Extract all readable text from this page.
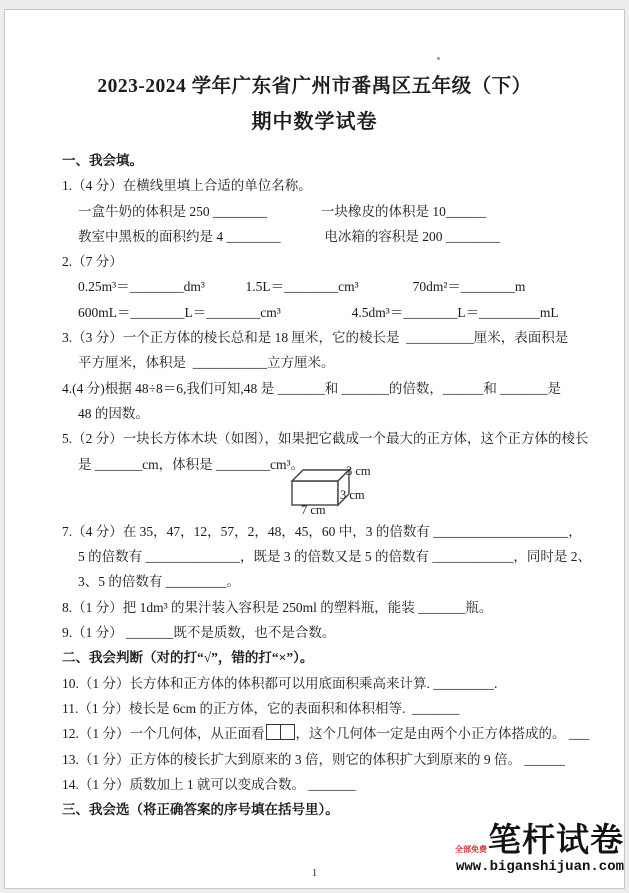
2023-2024 学年广东省广州市番禺区五年级（下）
期中数学试卷

一、我会填。

1.（4 分）在横线里填上合适的单位名称。

一盒牛奶的体积是 250 ________　　　　一块橡皮的体积是 10______

教室中黑板的面积约是 4 ________　　　 电冰箱的容积是 200 ________

2.（7 分）

0.25m³＝________dm³　　　1.5L＝________cm³　　　　70dm²＝________m

600mL＝________L＝________cm³　　　　　 4.5dm³＝________L＝_________mL

3.（3 分）一个正方体的棱长总和是 18 厘米，它的棱长是  __________厘米，表面积是

平方厘米，体积是  ___________立方厘米。

4.(4 分)根据 48÷8＝6,我们可知,48 是 _______和 _______的倍数，______和 _______是

48 的因数。

5.（2 分）一块长方体木块（如图），如果把它截成一个最大的正方体，这个正方体的棱长

是 _______cm，体积是 ________cm³。	3 cm
3 cm
7 cm

7.（4 分）在 35，47，12，57，2，48，45，60 中，3 的倍数有 ____________________，

5 的倍数有 ______________，既是 3 的倍数又是 5 的倍数有 ____________，同时是 2、

3、5 的倍数有 _________。

8.（1 分）把 1dm³ 的果汁装入容积是 250ml 的塑料瓶，能装 _______瓶。

9.（1 分） _______既不是质数，也不是合数。

二、我会判断（对的打“√”，错的打“×”）。

10.（1 分）长方体和正方体的体积都可以用底面积乘高来计算. _________.

11.（1 分）棱长是 6cm 的正方体，它的表面积和体积相等.  _______

12.（1 分）一个几何体，从正面看 ，这个几何体一定是由两个小正方体搭成的。 ___

13.（1 分）正方体的棱长扩大到原来的 3 倍，则它的体积扩大到原来的 9 倍。 ______

14.（1 分）质数加上 1 就可以变成合数。 _______

三、我会选（将正确答案的序号填在括号里）。

全部免费 笔杆试卷
www.biganshijuan.com
1
